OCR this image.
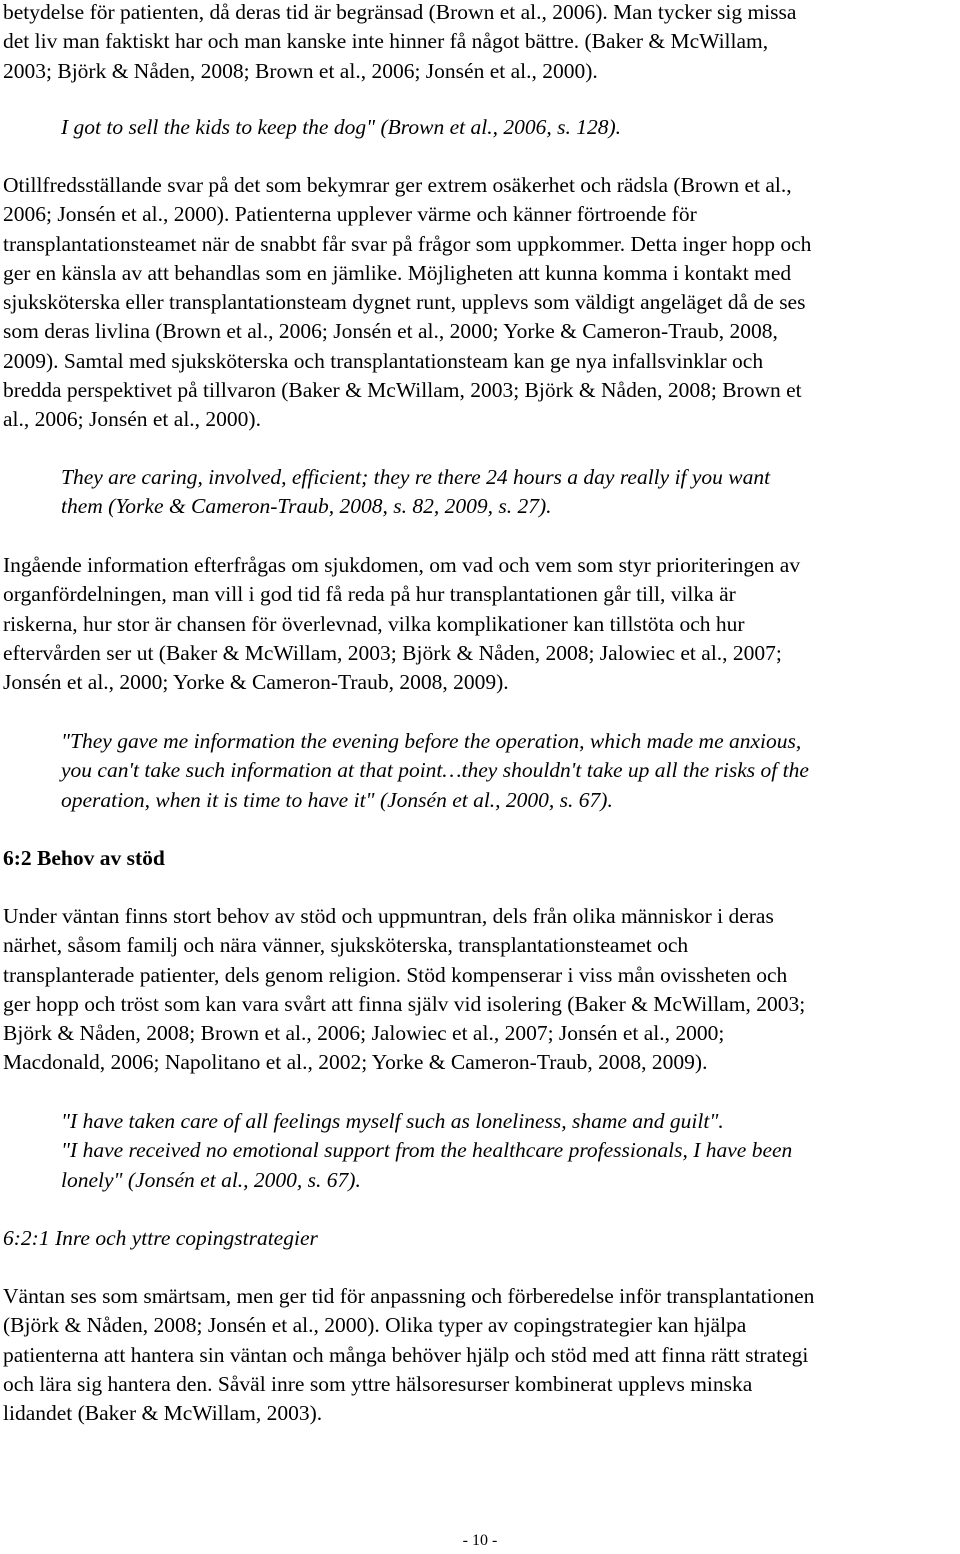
betydelse för patienten, då deras tid är begränsad (Brown et al., 2006). Man tycker sig missa
det liv man faktiskt har och man kanske inte hinner få något bättre. (Baker & McWillam,
2003; Björk & Nåden, 2008; Brown et al., 2006; Jonsén et al., 2000).

I got to sell the kids to keep the dog" (Brown et al., 2006, s. 128).

Otillfredsställande svar på det som bekymrar ger extrem osäkerhet och rädsla (Brown et al.,
2006; Jonsén et al., 2000). Patienterna upplever värme och känner förtroende för
transplantationsteamet när de snabbt får svar på frågor som uppkommer. Detta inger hopp och
ger en känsla av att behandlas som en jämlike. Möjligheten att kunna komma i kontakt med
sjuksköterska eller transplantationsteam dygnet runt, upplevs som väldigt angeläget då de ses
som deras livlina (Brown et al., 2006; Jonsén et al., 2000; Yorke & Cameron-Traub, 2008,
2009). Samtal med sjuksköterska och transplantationsteam kan ge nya infallsvinklar och
bredda perspektivet på tillvaron (Baker & McWillam, 2003; Björk & Nåden, 2008; Brown et
al., 2006; Jonsén et al., 2000).

They are caring, involved, efficient; they re there 24 hours a day really if you want
them (Yorke & Cameron-Traub, 2008, s. 82, 2009, s. 27).

Ingående information efterfrågas om sjukdomen, om vad och vem som styr prioriteringen av
organfördelningen, man vill i god tid få reda på hur transplantationen går till, vilka är
riskerna, hur stor är chansen för överlevnad, vilka komplikationer kan tillstöta och hur
eftervården ser ut (Baker & McWillam, 2003; Björk & Nåden, 2008; Jalowiec et al., 2007;
Jonsén et al., 2000; Yorke & Cameron-Traub, 2008, 2009).

"They gave me information the evening before the operation, which made me anxious,
you can't take such information at that point…they shouldn't take up all the risks of the
operation, when it is time to have it" (Jonsén et al., 2000, s. 67).

6:2 Behov av stöd

Under väntan finns stort behov av stöd och uppmuntran, dels från olika människor i deras
närhet, såsom familj och nära vänner, sjuksköterska, transplantationsteamet och
transplanterade patienter, dels genom religion. Stöd kompenserar i viss mån ovissheten och
ger hopp och tröst som kan vara svårt att finna själv vid isolering (Baker & McWillam, 2003;
Björk & Nåden, 2008; Brown et al., 2006; Jalowiec et al., 2007; Jonsén et al., 2000;
Macdonald, 2006; Napolitano et al., 2002; Yorke & Cameron-Traub, 2008, 2009).

"I have taken care of all feelings myself such as loneliness, shame and guilt".
"I have received no emotional support from the healthcare professionals, I have been
lonely" (Jonsén et al., 2000, s. 67).

6:2:1 Inre och yttre copingstrategier

Väntan ses som smärtsam, men ger tid för anpassning och förberedelse inför transplantationen
(Björk & Nåden, 2008; Jonsén et al., 2000). Olika typer av copingstrategier kan hjälpa
patienterna att hantera sin väntan och många behöver hjälp och stöd med att finna rätt strategi
och lära sig hantera den. Såväl inre som yttre hälsoresurser kombinerat upplevs minska
lidandet (Baker & McWillam, 2003).

- 10 -
